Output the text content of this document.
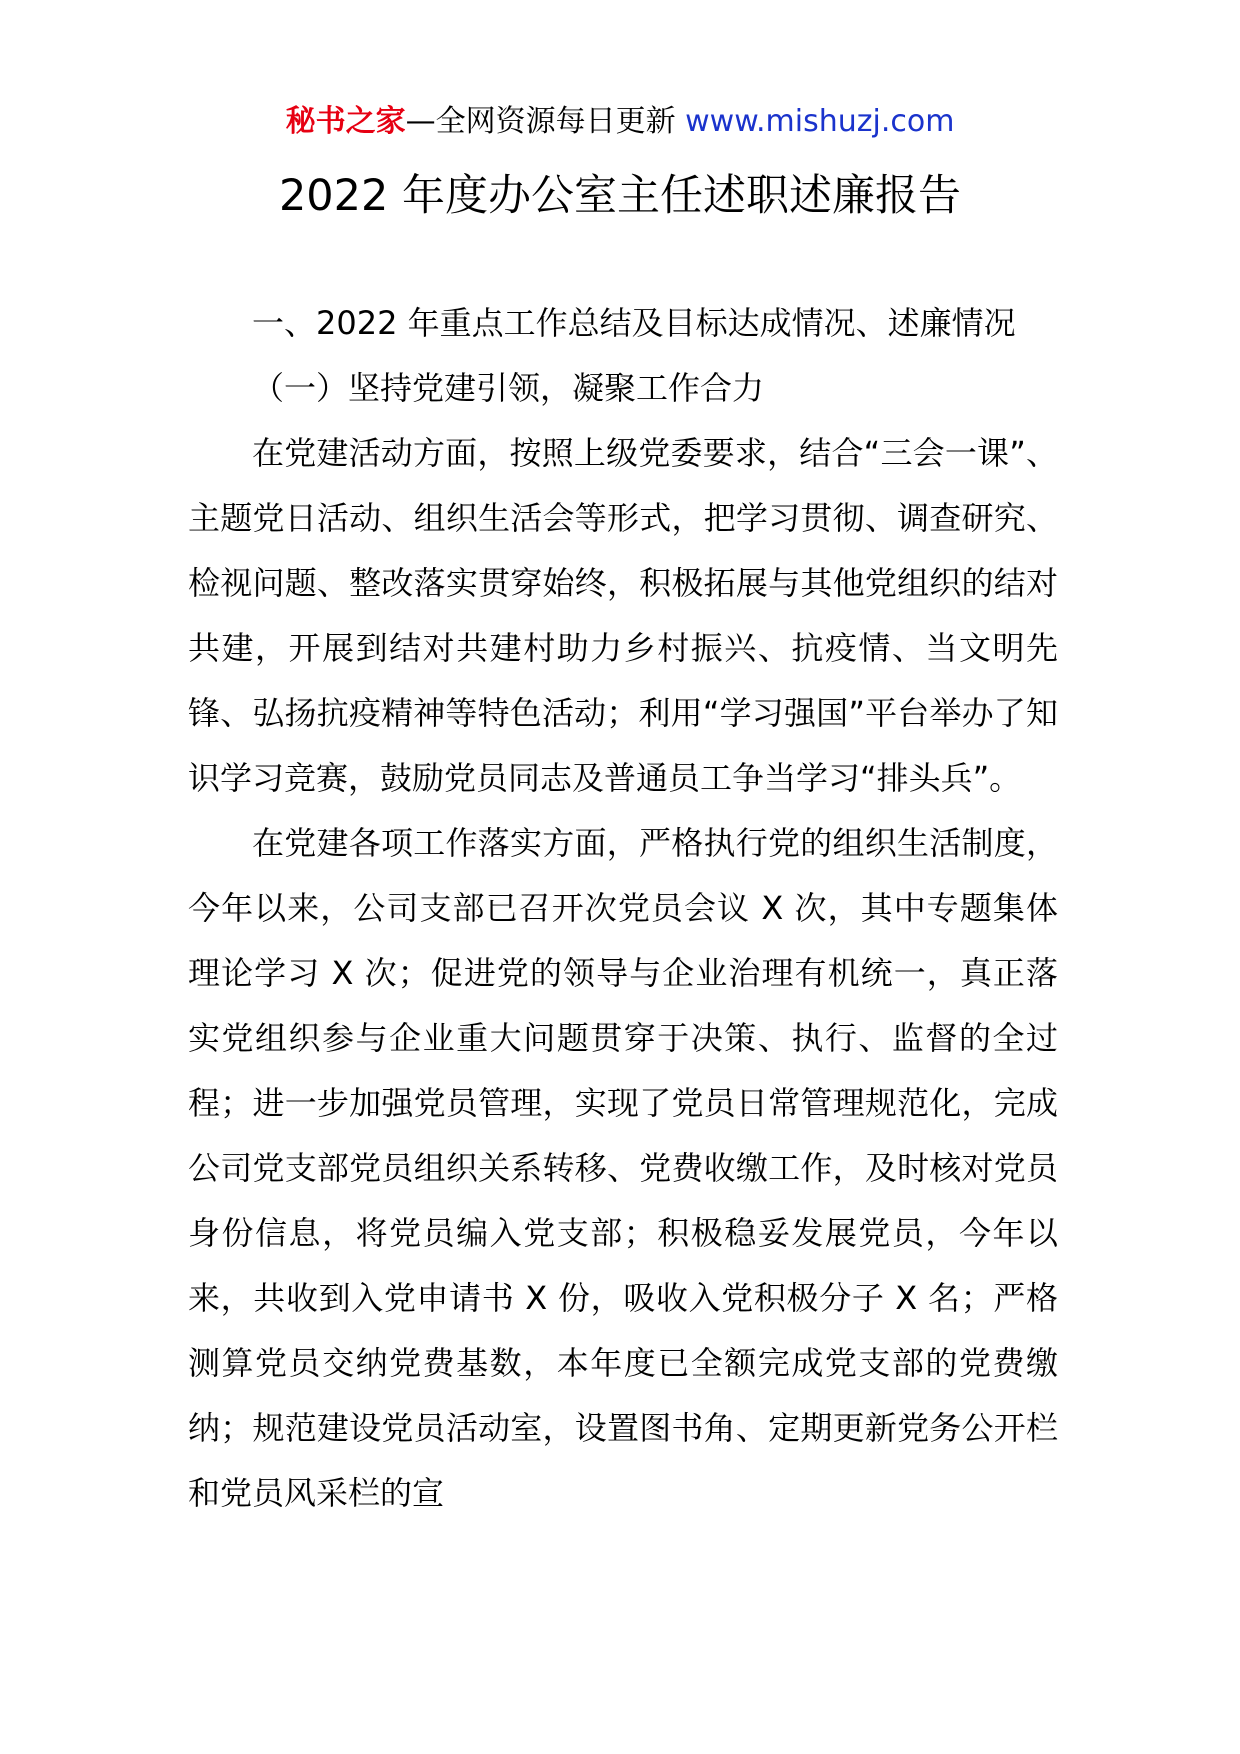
秘书之家—全网资源每日更新 www.mishuzj.com
2022 年度办公室主任述职述廉报告
一、2022 年重点工作总结及目标达成情况、述廉情况
（一）坚持党建引领，凝聚工作合力

在党建活动方面，按照上级党委要求，结合“三会一课”、主题党日活动、组织生活会等形式，把学习贯彻、调查研究、检视问题、整改落实贯穿始终，积极拓展与其他党组织的结对共建，开展到结对共建村助力乡村振兴、抗疫情、当文明先锋、弘扬抗疫精神等特色活动；利用“学习强国”平台举办了知识学习竞赛，鼓励党员同志及普通员工争当学习“排头兵”。

在党建各项工作落实方面，严格执行党的组织生活制度，今年以来，公司支部已召开次党员会议 X 次，其中专题集体理论学习 X 次；促进党的领导与企业治理有机统一，真正落实党组织参与企业重大问题贯穿于决策、执行、监督的全过程；进一步加强党员管理，实现了党员日常管理规范化，完成公司党支部党员组织关系转移、党费收缴工作，及时核对党员身份信息，将党员编入党支部；积极稳妥发展党员，今年以来，共收到入党申请书 X 份，吸收入党积极分子 X 名；严格测算党员交纳党费基数，本年度已全额完成党支部的党费缴纳；规范建设党员活动室，设置图书角、定期更新党务公开栏和党员风采栏的宣
